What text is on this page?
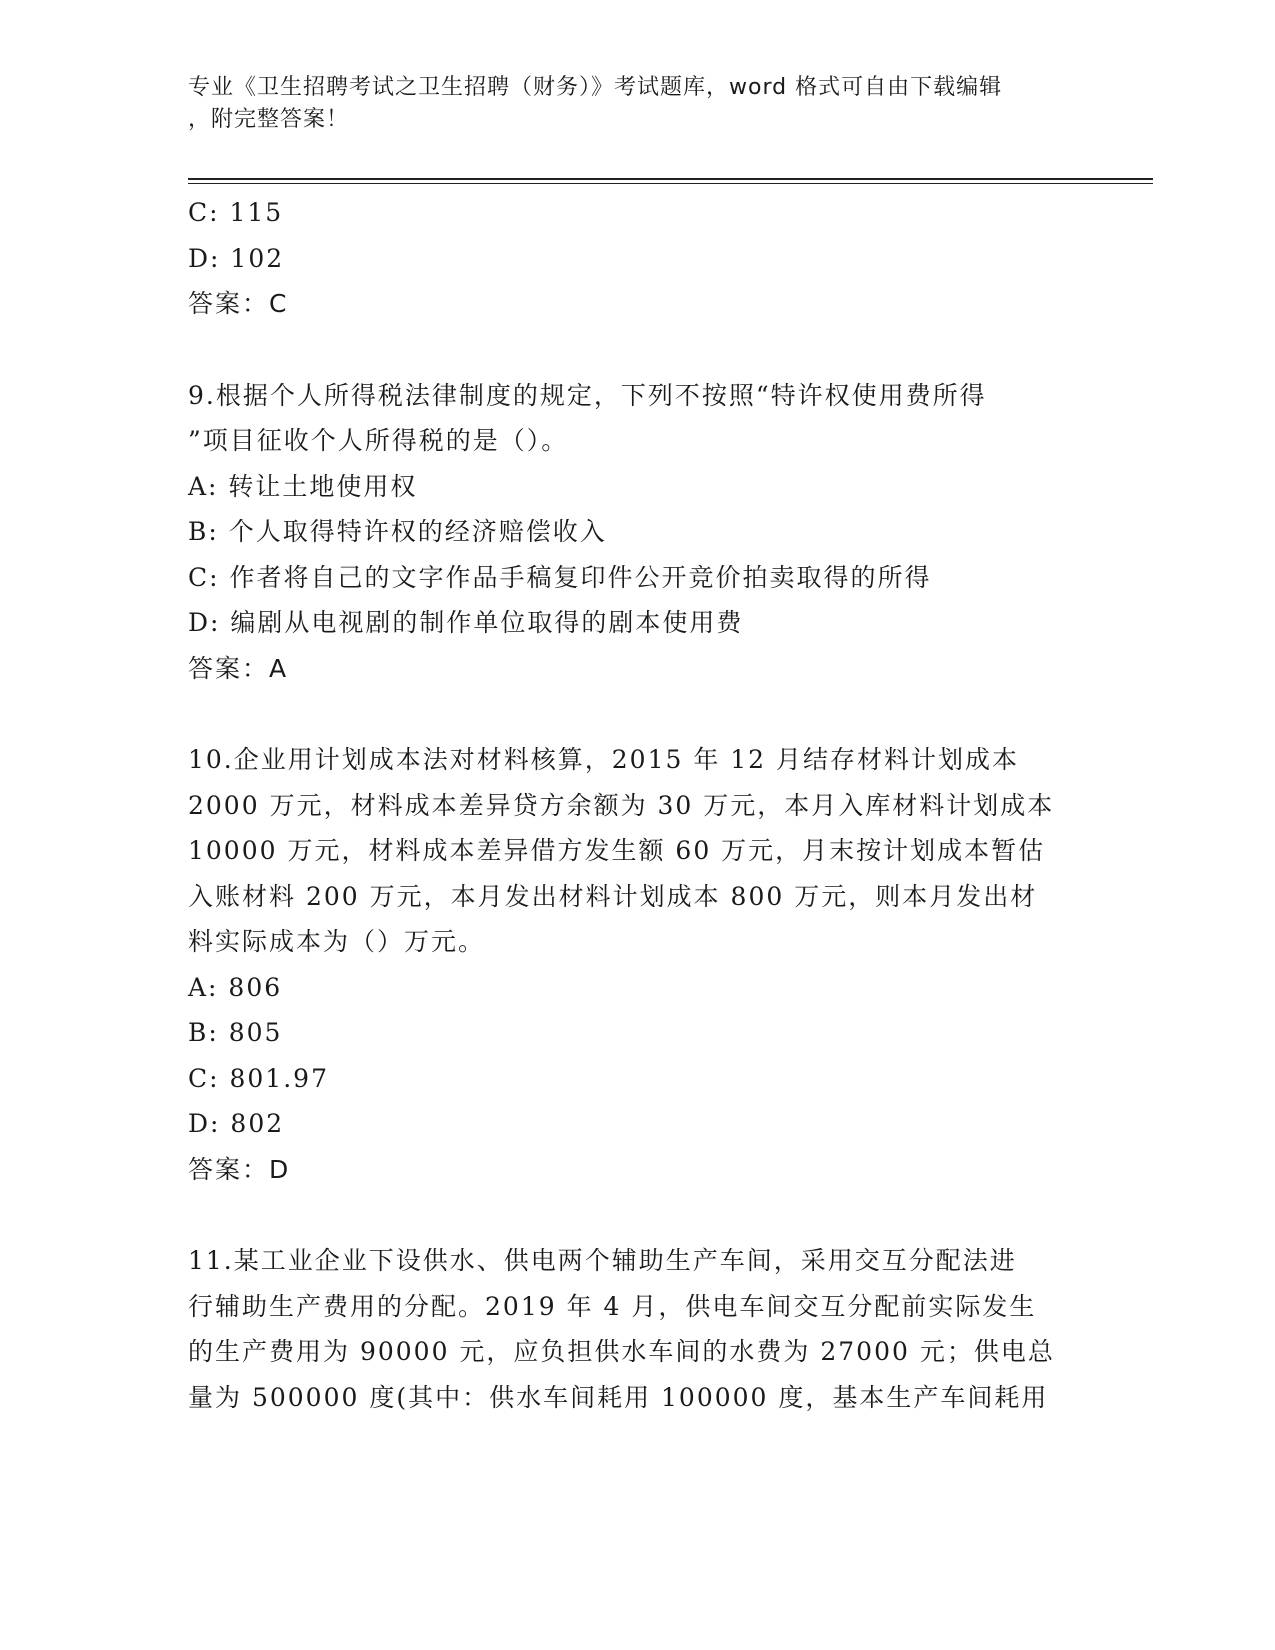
专业《卫生招聘考试之卫生招聘（财务）》考试题库，word 格式可自由下载编辑
，附完整答案！
C: 115
D: 102
答案：C
9.根据个人所得税法律制度的规定，下列不按照“特许权使用费所得
”项目征收个人所得税的是（）。
A: 转让土地使用权
B: 个人取得特许权的经济赔偿收入
C: 作者将自己的文字作品手稿复印件公开竞价拍卖取得的所得
D: 编剧从电视剧的制作单位取得的剧本使用费
答案：A
10.企业用计划成本法对材料核算，2015 年 12 月结存材料计划成本
2000 万元，材料成本差异贷方余额为 30 万元，本月入库材料计划成本
10000 万元，材料成本差异借方发生额 60 万元，月末按计划成本暂估
入账材料 200 万元，本月发出材料计划成本 800 万元，则本月发出材
料实际成本为（）万元。
A: 806
B: 805
C: 801.97
D: 802
答案：D
11.某工业企业下设供水、供电两个辅助生产车间，采用交互分配法进
行辅助生产费用的分配。2019 年 4 月，供电车间交互分配前实际发生
的生产费用为 90000 元，应负担供水车间的水费为 27000 元；供电总
量为 500000 度(其中：供水车间耗用 100000 度，基本生产车间耗用
